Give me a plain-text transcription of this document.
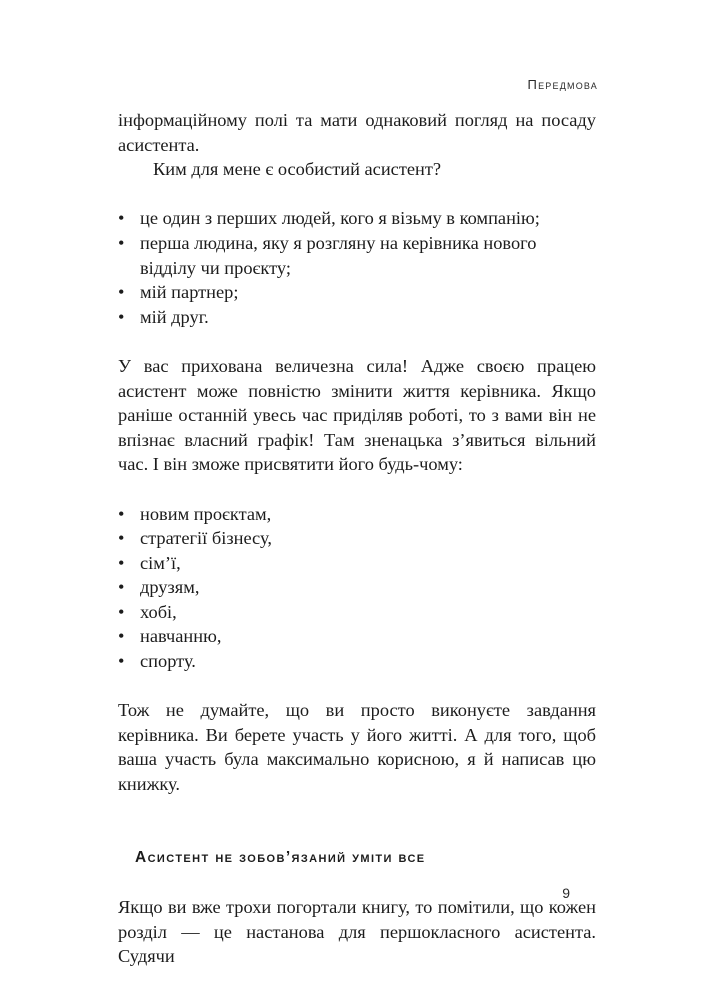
Передмова

інформаційному полі та мати однаковий погляд на посаду асистента.

Ким для мене є особистий асистент?

• це один з перших людей, кого я візьму в компанію;
• перша людина, яку я розгляну на керівника нового відділу чи проєкту;
• мій партнер;
• мій друг.

У вас прихована величезна сила! Адже своєю працею асистент може повністю змінити життя керівника. Якщо раніше останній увесь час приділяв роботі, то з вами він не впізнає власний графік! Там зненацька з’явиться вільний час. І він зможе присвятити його будь-чому:

• новим проєктам,
• стратегії бізнесу,
• сім’ї,
• друзям,
• хобі,
• навчанню,
• спорту.

Тож не думайте, що ви просто виконуєте завдання керівника. Ви берете участь у його житті. А для того, щоб ваша участь була максимально корисною, я й написав цю книжку.

Асистент не зобов’язаний уміти все

Якщо ви вже трохи погортали книгу, то помітили, що кожен розділ — це настанова для першокласного асистента. Судячи

9
